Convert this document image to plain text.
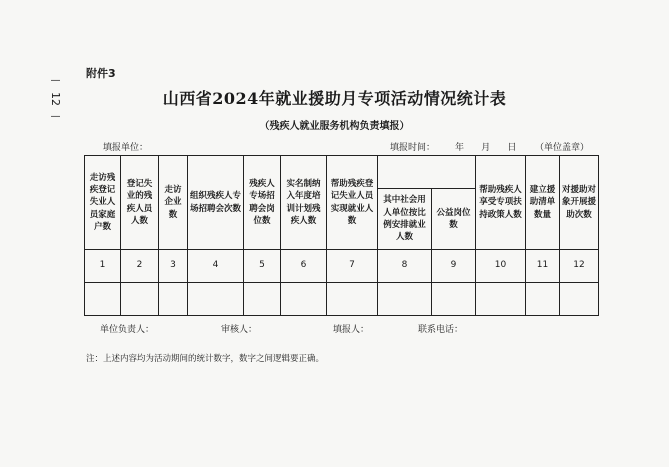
—
12
—
附件3
山西省2024年就业援助月专项活动情况统计表
（残疾人就业服务机构负责填报）
填报单位：	填报时间：
年
月
日 （单位盖章）
走访残疾登记失业人员家庭户数	登记失业的残疾人员人数	走访企业数	组织残疾人专场招聘会次数	残疾人专场招聘会岗位数	实名制纳入年度培训计划残疾人数	帮助残疾登记失业人员实现就业人数			帮助残疾人享受专项扶持政策人数	建立援助清单数量	对援助对象开展援助次数
							其中社会用人单位按比例安排就业人数	公益岗位数			
1	2	3	4	5	6	7	8	9	10	11	12

单位负责人：	审核人：	填报人：	联系电话：
注：上述内容均为活动期间的统计数字，数字之间逻辑要正确。
